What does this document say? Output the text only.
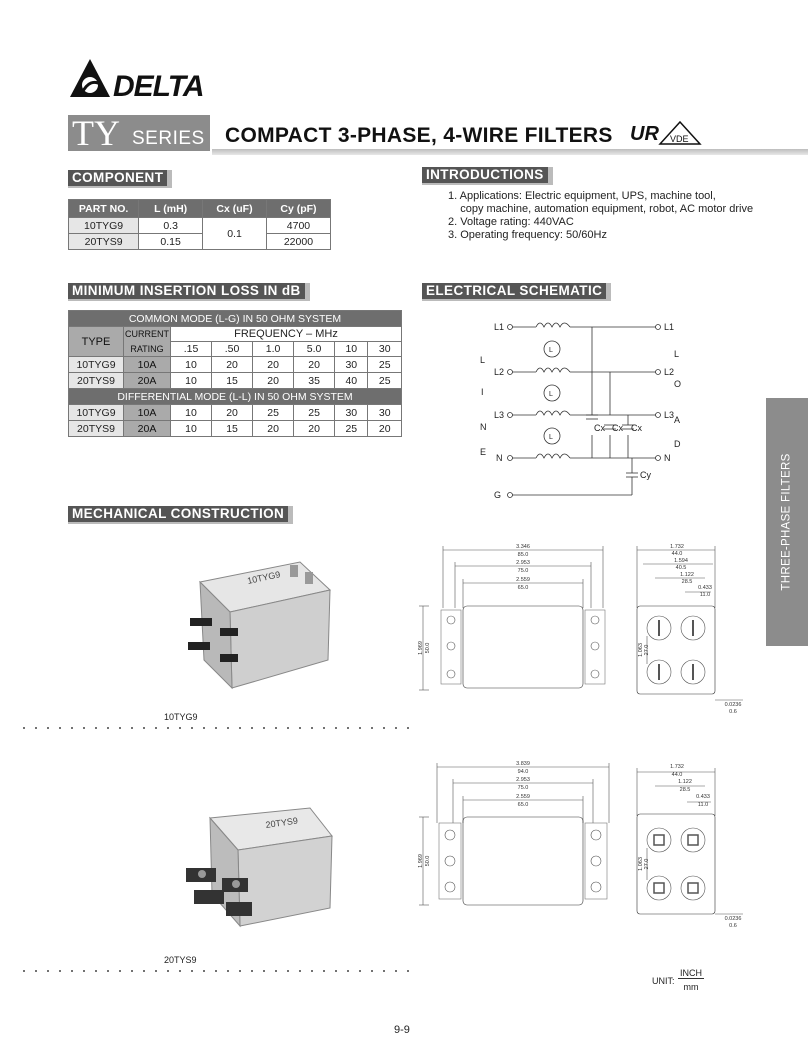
DELTA
TY SERIES COMPACT 3-PHASE, 4-WIRE FILTERS UR VDE
COMPONENT
PART NO.	L (mH)	Cx (uF)	Cy (pF)
10TYG9	0.3	0.1	4700
20TYS9	0.15		22000
INTRODUCTIONS
1. Applications: Electric equipment, UPS, machine tool,
copy machine, automation equipment, robot, AC motor drive
2. Voltage rating: 440VAC
3. Operating frequency: 50/60Hz
MINIMUM INSERTION LOSS IN dB
COMMON MODE (L-G) IN 50 OHM SYSTEM							
TYPE	CURRENT	FREQUENCY – MHz					
	RATING	.15	.50	1.0	5.0	10	30
10TYG9	10A	10	20	20	20	30	25
20TYS9	20A	10	15	20	35	40	25
DIFFERENTIAL MODE (L-L) IN 50 OHM SYSTEM							
10TYG9	10A	10	20	25	25	30	30
20TYS9	20A	10	15	20	20	25	20
ELECTRICAL SCHEMATIC
L1
L2
L3
N
G
L1
L2
L3
N
L
I
N
E
L
O
A
D
L
L
L
Cx Cx Cx
Cy
MECHANICAL CONSTRUCTION
10TYG9
10TYG9
20TYS9
20TYS9
3.346
85.0
2.953
75.0
2.559
65.0
1.969 50.0
1.732
44.0
1.594
40.5
1.122
28.5
0.433
11.0
1.063 27.0
0.0236
0.6
3.839
94.0
2.953
75.0
2.559
65.0
1.969 50.0
1.732
44.0
1.122
28.5
0.433
11.0
1.063 27.0
0.0236
0.6
UNIT:
INCH
mm
THREE-PHASE FILTERS
9-9
